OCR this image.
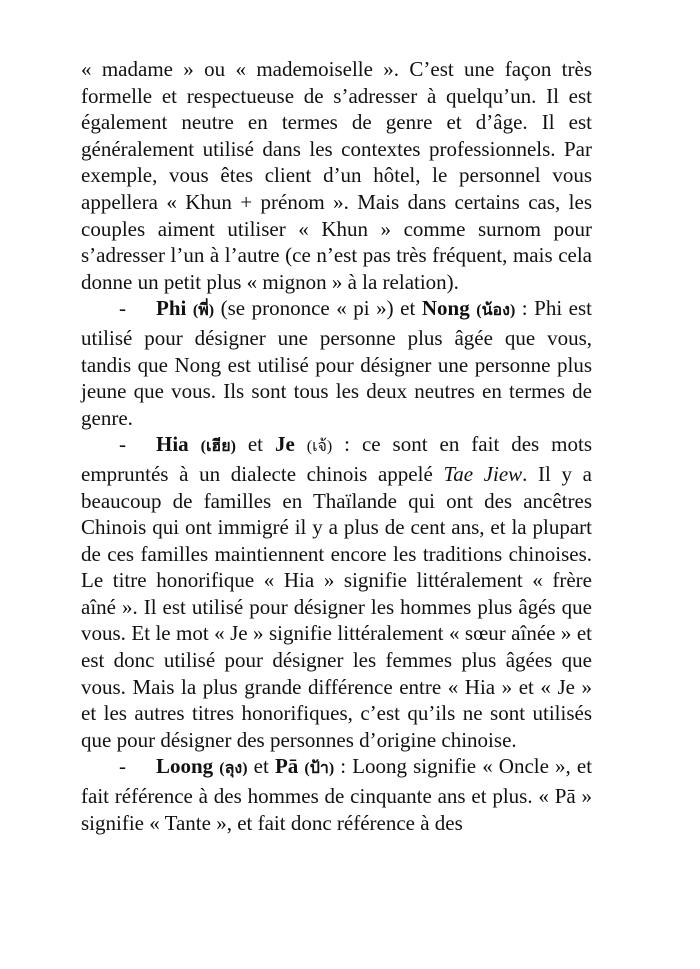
« madame » ou « mademoiselle ». C’est une façon très formelle et respectueuse de s’adresser à quelqu’un. Il est également neutre en termes de genre et d’âge. Il est généralement utilisé dans les contextes professionnels. Par exemple, vous êtes client d’un hôtel, le personnel vous appellera « Khun + prénom ». Mais dans certains cas, les couples aiment utiliser « Khun » comme surnom pour s’adresser l’un à l’autre (ce n’est pas très fréquent, mais cela donne un petit plus « mignon » à la relation).

- Phi (พี่) (se prononce « pi ») et Nong (น้อง) : Phi est utilisé pour désigner une personne plus âgée que vous, tandis que Nong est utilisé pour désigner une personne plus jeune que vous. Ils sont tous les deux neutres en termes de genre.

- Hia (เฮีย) et Je (เจ้) : ce sont en fait des mots empruntés à un dialecte chinois appelé Tae Jiew. Il y a beaucoup de familles en Thaïlande qui ont des ancêtres Chinois qui ont immigré il y a plus de cent ans, et la plupart de ces familles maintiennent encore les traditions chinoises. Le titre honorifique « Hia » signifie littéralement « frère aîné ». Il est utilisé pour désigner les hommes plus âgés que vous. Et le mot « Je » signifie littéralement « sœur aînée » et est donc utilisé pour désigner les femmes plus âgées que vous. Mais la plus grande différence entre « Hia » et « Je » et les autres titres honorifiques, c’est qu’ils ne sont utilisés que pour désigner des personnes d’origine chinoise.

- Loong (ลุง) et Pā (ป้า) : Loong signifie « Oncle », et fait référence à des hommes de cinquante ans et plus. « Pā » signifie « Tante », et fait donc référence à des
